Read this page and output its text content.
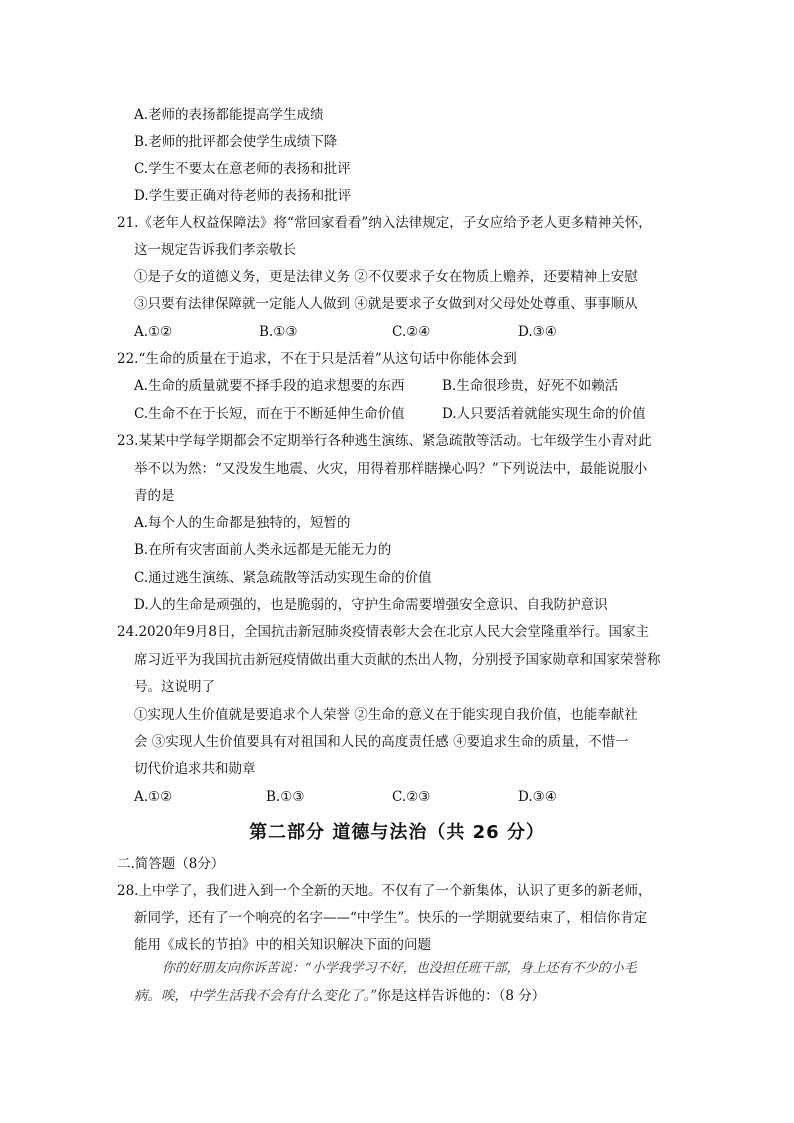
A.老师的表扬都能提高学生成绩
B.老师的批评都会使学生成绩下降
C.学生不要太在意老师的表扬和批评
D.学生要正确对待老师的表扬和批评
21.《老年人权益保障法》将“常回家看看”纳入法律规定，子女应给予老人更多精神关怀，
这一规定告诉我们孝亲敬长
①是子女的道德义务，更是法律义务 ②不仅要求子女在物质上赡养，还要精神上安慰
③只要有法律保障就一定能人人做到 ④就是要求子女做到对父母处处尊重、事事顺从
A.①②	B.①③	C.②④	D.③④
22.“生命的质量在于追求，不在于只是活着”从这句话中你能体会到
A.生命的质量就要不择手段的追求想要的东西	B.生命很珍贵，好死不如赖活
C.生命不在于长短，而在于不断延伸生命价值	D.人只要活着就能实现生命的价值
23.某某中学每学期都会不定期举行各种逃生演练、紧急疏散等活动。七年级学生小青对此
举不以为然：“又没发生地震、火灾，用得着那样瞎操心吗？”下列说法中，最能说服小
青的是
A.每个人的生命都是独特的，短暂的
B.在所有灾害面前人类永远都是无能无力的
C.通过逃生演练、紧急疏散等活动实现生命的价值
D.人的生命是顽强的，也是脆弱的，守护生命需要增强安全意识、自我防护意识
24.2020年9月8日，全国抗击新冠肺炎疫情表彰大会在北京人民大会堂隆重举行。国家主
席习近平为我国抗击新冠疫情做出重大贡献的杰出人物，分别授予国家勋章和国家荣誉称
号。这说明了
①实现人生价值就是要追求个人荣誉 ②生命的意义在于能实现自我价值，也能奉献社
会 ③实现人生价值要具有对祖国和人民的高度责任感 ④要追求生命的质量，不惜一
切代价追求共和勋章
A.①②	B.①③	C.②③	D.③④
第二部分 道德与法治（共 26 分）
二.简答题（8分）
28.上中学了，我们进入到一个全新的天地。不仅有了一个新集体，认识了更多的新老师，
新同学，还有了一个响亮的名字——“中学生”。快乐的一学期就要结束了，相信你肯定
能用《成长的节拍》中的相关知识解决下面的问题
你的好朋友向你诉苦说：“小学我学习不好，也没担任班干部，身上还有不少的小毛
病。唉，中学生活我不会有什么变化了。”你是这样告诉他的：（8 分）
